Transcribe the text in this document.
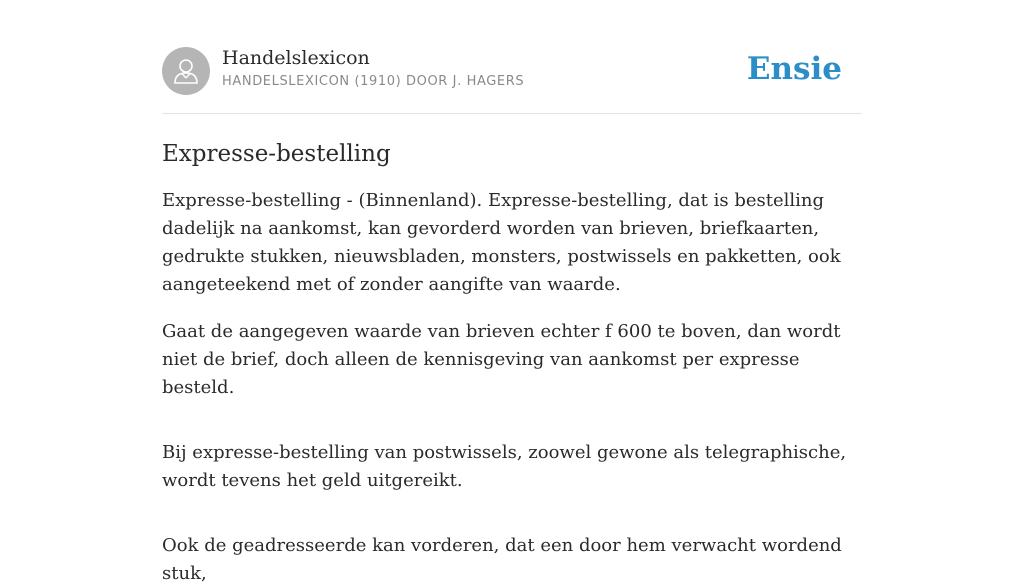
Handelslexicon
HANDELSLEXICON (1910) DOOR J. HAGERS	Ensie
Expresse-bestelling

Expresse-bestelling - (Binnenland). Expresse-bestelling, dat is bestelling dadelijk na aankomst, kan gevorderd worden van brieven, briefkaarten, gedrukte stukken, nieuwsbladen, monsters, postwissels en pakketten, ook aangeteekend met of zonder aangifte van waarde.

Gaat de aangegeven waarde van brieven echter f 600 te boven, dan wordt niet de brief, doch alleen de kennisgeving van aankomst per expresse besteld.

Bij expresse-bestelling van postwissels, zoowel gewone als telegraphische, wordt tevens het geld uitgereikt.

Ook de geadresseerde kan vorderen, dat een door hem verwacht wordend stuk,
